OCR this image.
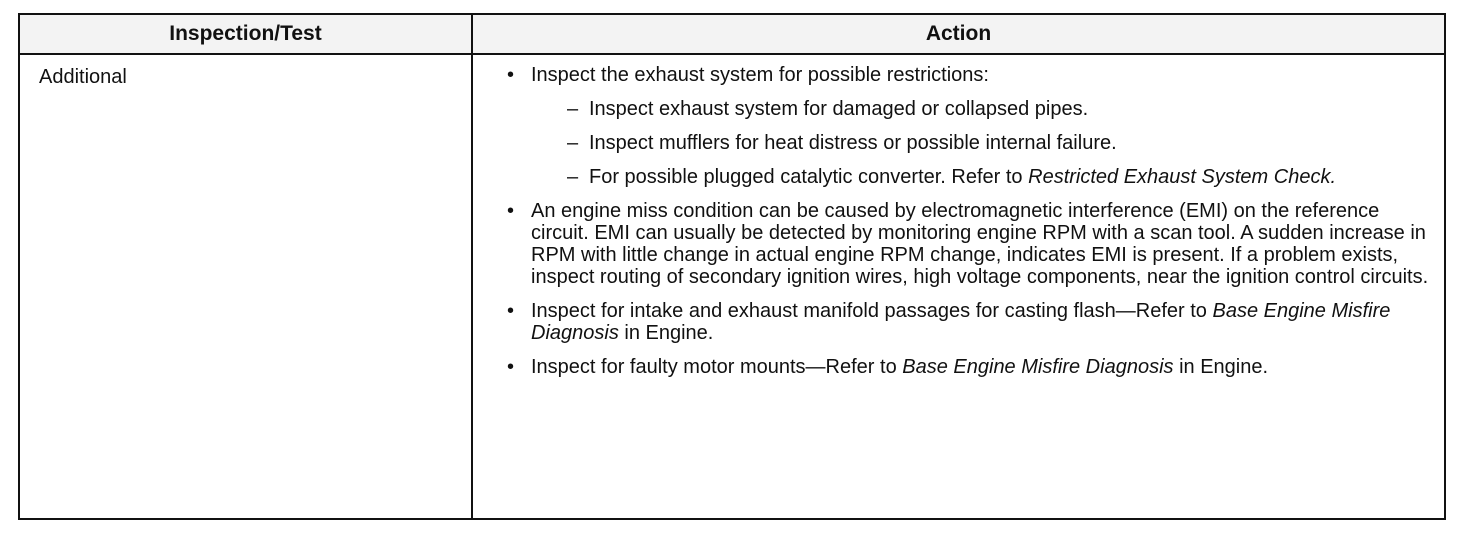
Inspection/Test	Action
Additional	• Inspect the exhaust system for possible restrictions:
– Inspect exhaust system for damaged or collapsed pipes.
– Inspect mufflers for heat distress or possible internal failure.
– For possible plugged catalytic converter. Refer to Restricted Exhaust System Check.
• An engine miss condition can be caused by electromagnetic interference (EMI) on the reference circuit. EMI can usually be detected by monitoring engine RPM with a scan tool. A sudden increase in RPM with little change in actual engine RPM change, indicates EMI is present. If a problem exists, inspect routing of secondary ignition wires, high voltage components, near the ignition control circuits.
• Inspect for intake and exhaust manifold passages for casting flash—Refer to Base Engine Misfire Diagnosis in Engine.
• Inspect for faulty motor mounts—Refer to Base Engine Misfire Diagnosis in Engine.
